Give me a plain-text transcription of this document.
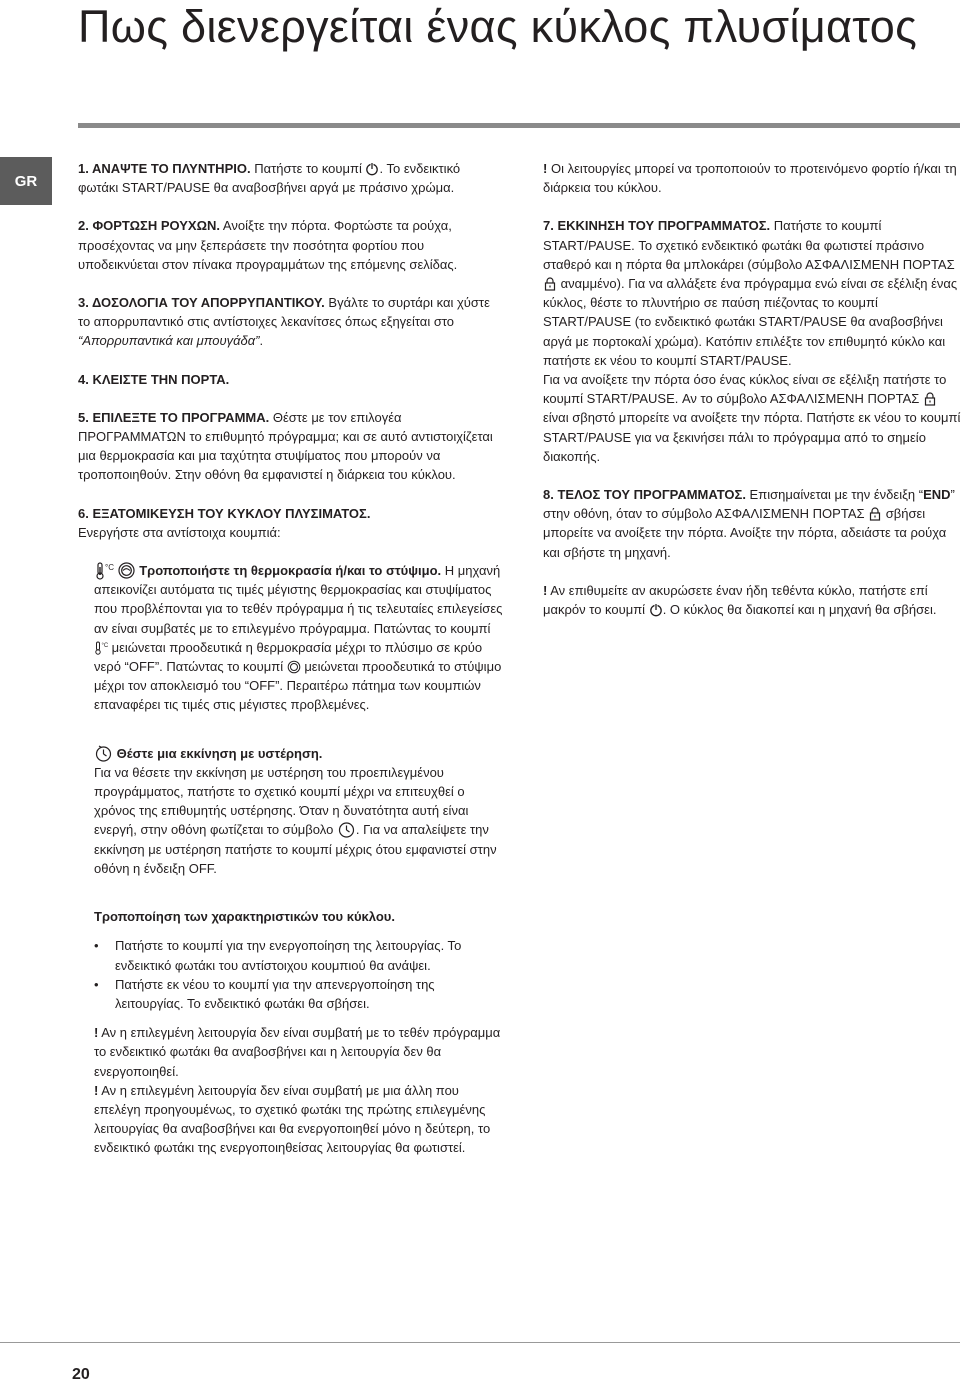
Πως διενεργείται ένας κύκλος πλυσίματος
GR

1. ΑΝΑΨΤΕ ΤΟ ΠΛΥΝΤΗΡΙΟ. Πατήστε το κουμπί
. Το ενδεικτικό φωτάκι START/PAUSE θα αναβοσβήνει αργά με πράσινο χρώμα.

2. ΦΟΡΤΩΣΗ ΡΟΥΧΩΝ. Ανοίξτε την πόρτα. Φορτώστε τα ρούχα, προσέχοντας να μην ξεπεράσετε την ποσότητα φορτίου που υποδεικνύεται στον πίνακα προγραμμάτων της επόμενης σελίδας.

3. ΔΟΣΟΛΟΓΙΑ ΤΟΥ ΑΠΟΡΡΥΠΑΝΤΙΚΟΥ. Βγάλτε το συρτάρι και χύστε το απορρυπαντικό στις αντίστοιχες λεκανίτσες όπως εξηγείται στο “Απορρυπαντικά και μπουγάδα”.

4. ΚΛΕΙΣΤΕ ΤΗΝ ΠΟΡΤΑ.

5. ΕΠΙΛΕΞΤΕ ΤΟ ΠΡΟΓΡΑΜΜΑ. Θέστε με τον επιλογέα ΠΡΟΓΡΑΜΜΑΤΩΝ το επιθυμητό πρόγραμμα; και σε αυτό αντιστοιχίζεται μια θερμοκρασία και μια ταχύτητα στυψίματος που μπορούν να τροποποιηθούν. Στην οθόνη θα εμφανιστεί η διάρκεια του κύκλου.

6. ΕΞΑΤΟΜΙΚΕΥΣΗ ΤΟΥ ΚΥΚΛΟΥ ΠΛΥΣΙΜΑΤΟΣ.
Ενεργήστε στα αντίστοιχα κουμπιά:

°C
Τροποποιήστε τη θερμοκρασία ή/και το στύψιμο. Η μηχανή απεικονίζει αυτόματα τις τιμές μέγιστης θερμοκρασίας και στυψίματος που προβλέπονται για το τεθέν πρόγραμμα ή τις τελευταίες επιλεγείσες αν είναι συμβατές με το επιλεγμένο πρόγραμμα. Πατώντας το κουμπί
°C μειώνεται προοδευτικά η θερμοκρασία μέχρι το πλύσιμο σε κρύο νερό “OFF”. Πατώντας το κουμπί
μειώνεται προοδευτικά το στύψιμο μέχρι τον αποκλεισμό του “OFF”. Περαιτέρω πάτημα των κουμπιών επαναφέρει τις τιμές στις μέγιστες προβλεμένες.

Θέστε μια εκκίνηση με υστέρηση.
Για να θέσετε την εκκίνηση με υστέρηση του προεπιλεγμένου προγράμματος, πατήστε το σχετικό κουμπί μέχρι να επιτευχθεί ο χρόνος της επιθυμητής υστέρησης. Όταν η δυνατότητα αυτή είναι ενεργή, στην οθόνη φωτίζεται το σύμβολο
. Για να απαλείψετε την εκκίνηση με υστέρηση πατήστε το κουμπί μέχρις ότου εμφανιστεί στην οθόνη η ένδειξη OFF.

Τροποποίηση των χαρακτηριστικών του κύκλου.

• Πατήστε το κουμπί για την ενεργοποίηση της λειτουργίας. Το ενδεικτικό φωτάκι του αντίστοιχου κουμπιού θα ανάψει.
• Πατήστε εκ νέου το κουμπί για την απενεργοποίηση της λειτουργίας. Το ενδεικτικό φωτάκι θα σβήσει.

! Αν η επιλεγμένη λειτουργία δεν είναι συμβατή με το τεθέν πρόγραμμα το ενδεικτικό φωτάκι θα αναβοσβήνει και η λειτουργία δεν θα ενεργοποιηθεί.

! Αν η επιλεγμένη λειτουργία δεν είναι συμβατή με μια άλλη που επελέγη προηγουμένως, το σχετικό φωτάκι της πρώτης επιλεγμένης λειτουργίας θα αναβοσβήνει και θα ενεργοποιηθεί μόνο η δεύτερη, το ενδεικτικό φωτάκι της ενεργοποιηθείσας λειτουργίας θα φωτιστεί.

! Οι λειτουργίες μπορεί να τροποποιούν το προτεινόμενο φορτίο ή/και τη διάρκεια του κύκλου.

7. ΕΚΚΙΝΗΣΗ ΤΟΥ ΠΡΟΓΡΑΜΜΑΤΟΣ. Πατήστε το κουμπί START/PAUSE. Το σχετικό ενδεικτικό φωτάκι θα φωτιστεί πράσινο σταθερό και η πόρτα θα μπλοκάρει (σύμβολο ΑΣΦΑΛΙΣΜΕΝΗ ΠΟΡΤΑΣ
αναμμένο). Για να αλλάξετε ένα πρόγραμμα ενώ είναι σε εξέλιξη ένας κύκλος, θέστε το πλυντήριο σε παύση πιέζοντας το κουμπί START/PAUSE (το ενδεικτικό φωτάκι START/PAUSE θα αναβοσβήνει αργά με πορτοκαλί χρώμα). Κατόπιν επιλέξτε τον επιθυμητό κύκλο και πατήστε εκ νέου το κουμπί START/PAUSE.
Για να ανοίξετε την πόρτα όσο ένας κύκλος είναι σε εξέλιξη πατήστε το κουμπί START/PAUSE. Αν το σύμβολο ΑΣΦΑΛΙΣΜΕΝΗ ΠΟΡΤΑΣ
είναι σβηστό μπορείτε να ανοίξετε την πόρτα. Πατήστε εκ νέου το κουμπί START/PAUSE για να ξεκινήσει πάλι το πρόγραμμα από το σημείο διακοπής.

8. ΤΕΛΟΣ ΤΟΥ ΠΡΟΓΡΑΜΜΑΤΟΣ. Επισημαίνεται με την ένδειξη “END” στην οθόνη, όταν το σύμβολο ΑΣΦΑΛΙΣΜΕΝΗ ΠΟΡΤΑΣ
σβήσει μπορείτε να ανοίξετε την πόρτα. Ανοίξτε την πόρτα, αδειάστε τα ρούχα και σβήστε τη μηχανή.

! Αν επιθυμείτε αν ακυρώσετε έναν ήδη τεθέντα κύκλο, πατήστε επί μακρόν το κουμπί
. Ο κύκλος θα διακοπεί και η μηχανή θα σβήσει.

20
